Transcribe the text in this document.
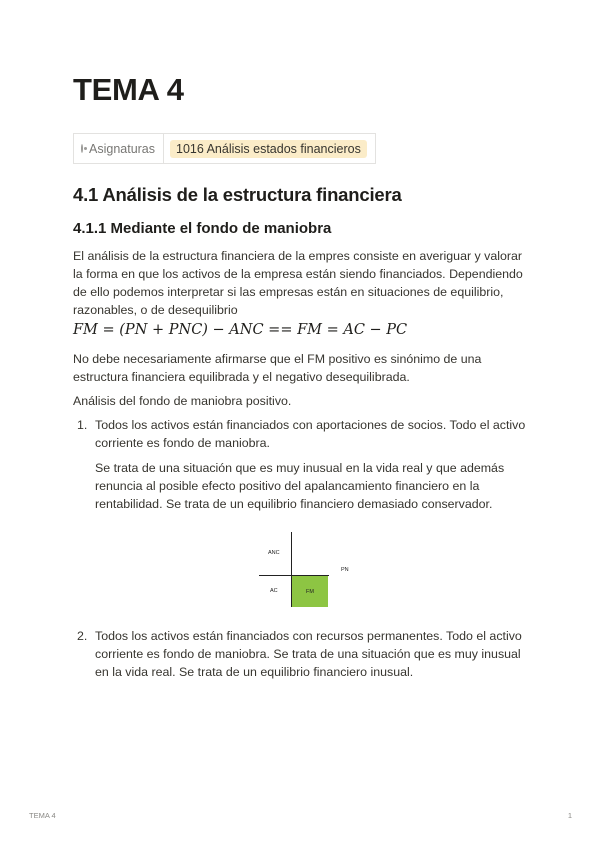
TEMA 4
Asignaturas	1016 Análisis estados financieros
4.1 Análisis de la estructura financiera
4.1.1 Mediante el fondo de maniobra

El análisis de la estructura financiera de la empres consiste en averiguar y valorar la forma en que los activos de la empresa están siendo financiados. Dependiendo de ello podemos interpretar si las empresas están en situaciones de equilibrio, razonables, o de desequilibrio

FM = (PN + PNC) − ANC == FM = AC − PC

No debe necesariamente afirmarse que el FM positivo es sinónimo de una estructura financiera equilibrada y el negativo desequilibrada.

Análisis del fondo de maniobra positivo.

1. Todos los activos están financiados con aportaciones de socios. Todo el activo corriente es fondo de maniobra.

Se trata de una situación que es muy inusual en la vida real y que además renuncia al posible efecto positivo del apalancamiento financiero en la rentabilidad. Se trata de un equilibrio financiero demasiado conservador.

ANC
PN
AC	FM
2. Todos los activos están financiados con recursos permanentes. Todo el activo corriente es fondo de maniobra. Se trata de una situación que es muy inusual en la vida real. Se trata de un equilibrio financiero inusual.

TEMA 4	1
